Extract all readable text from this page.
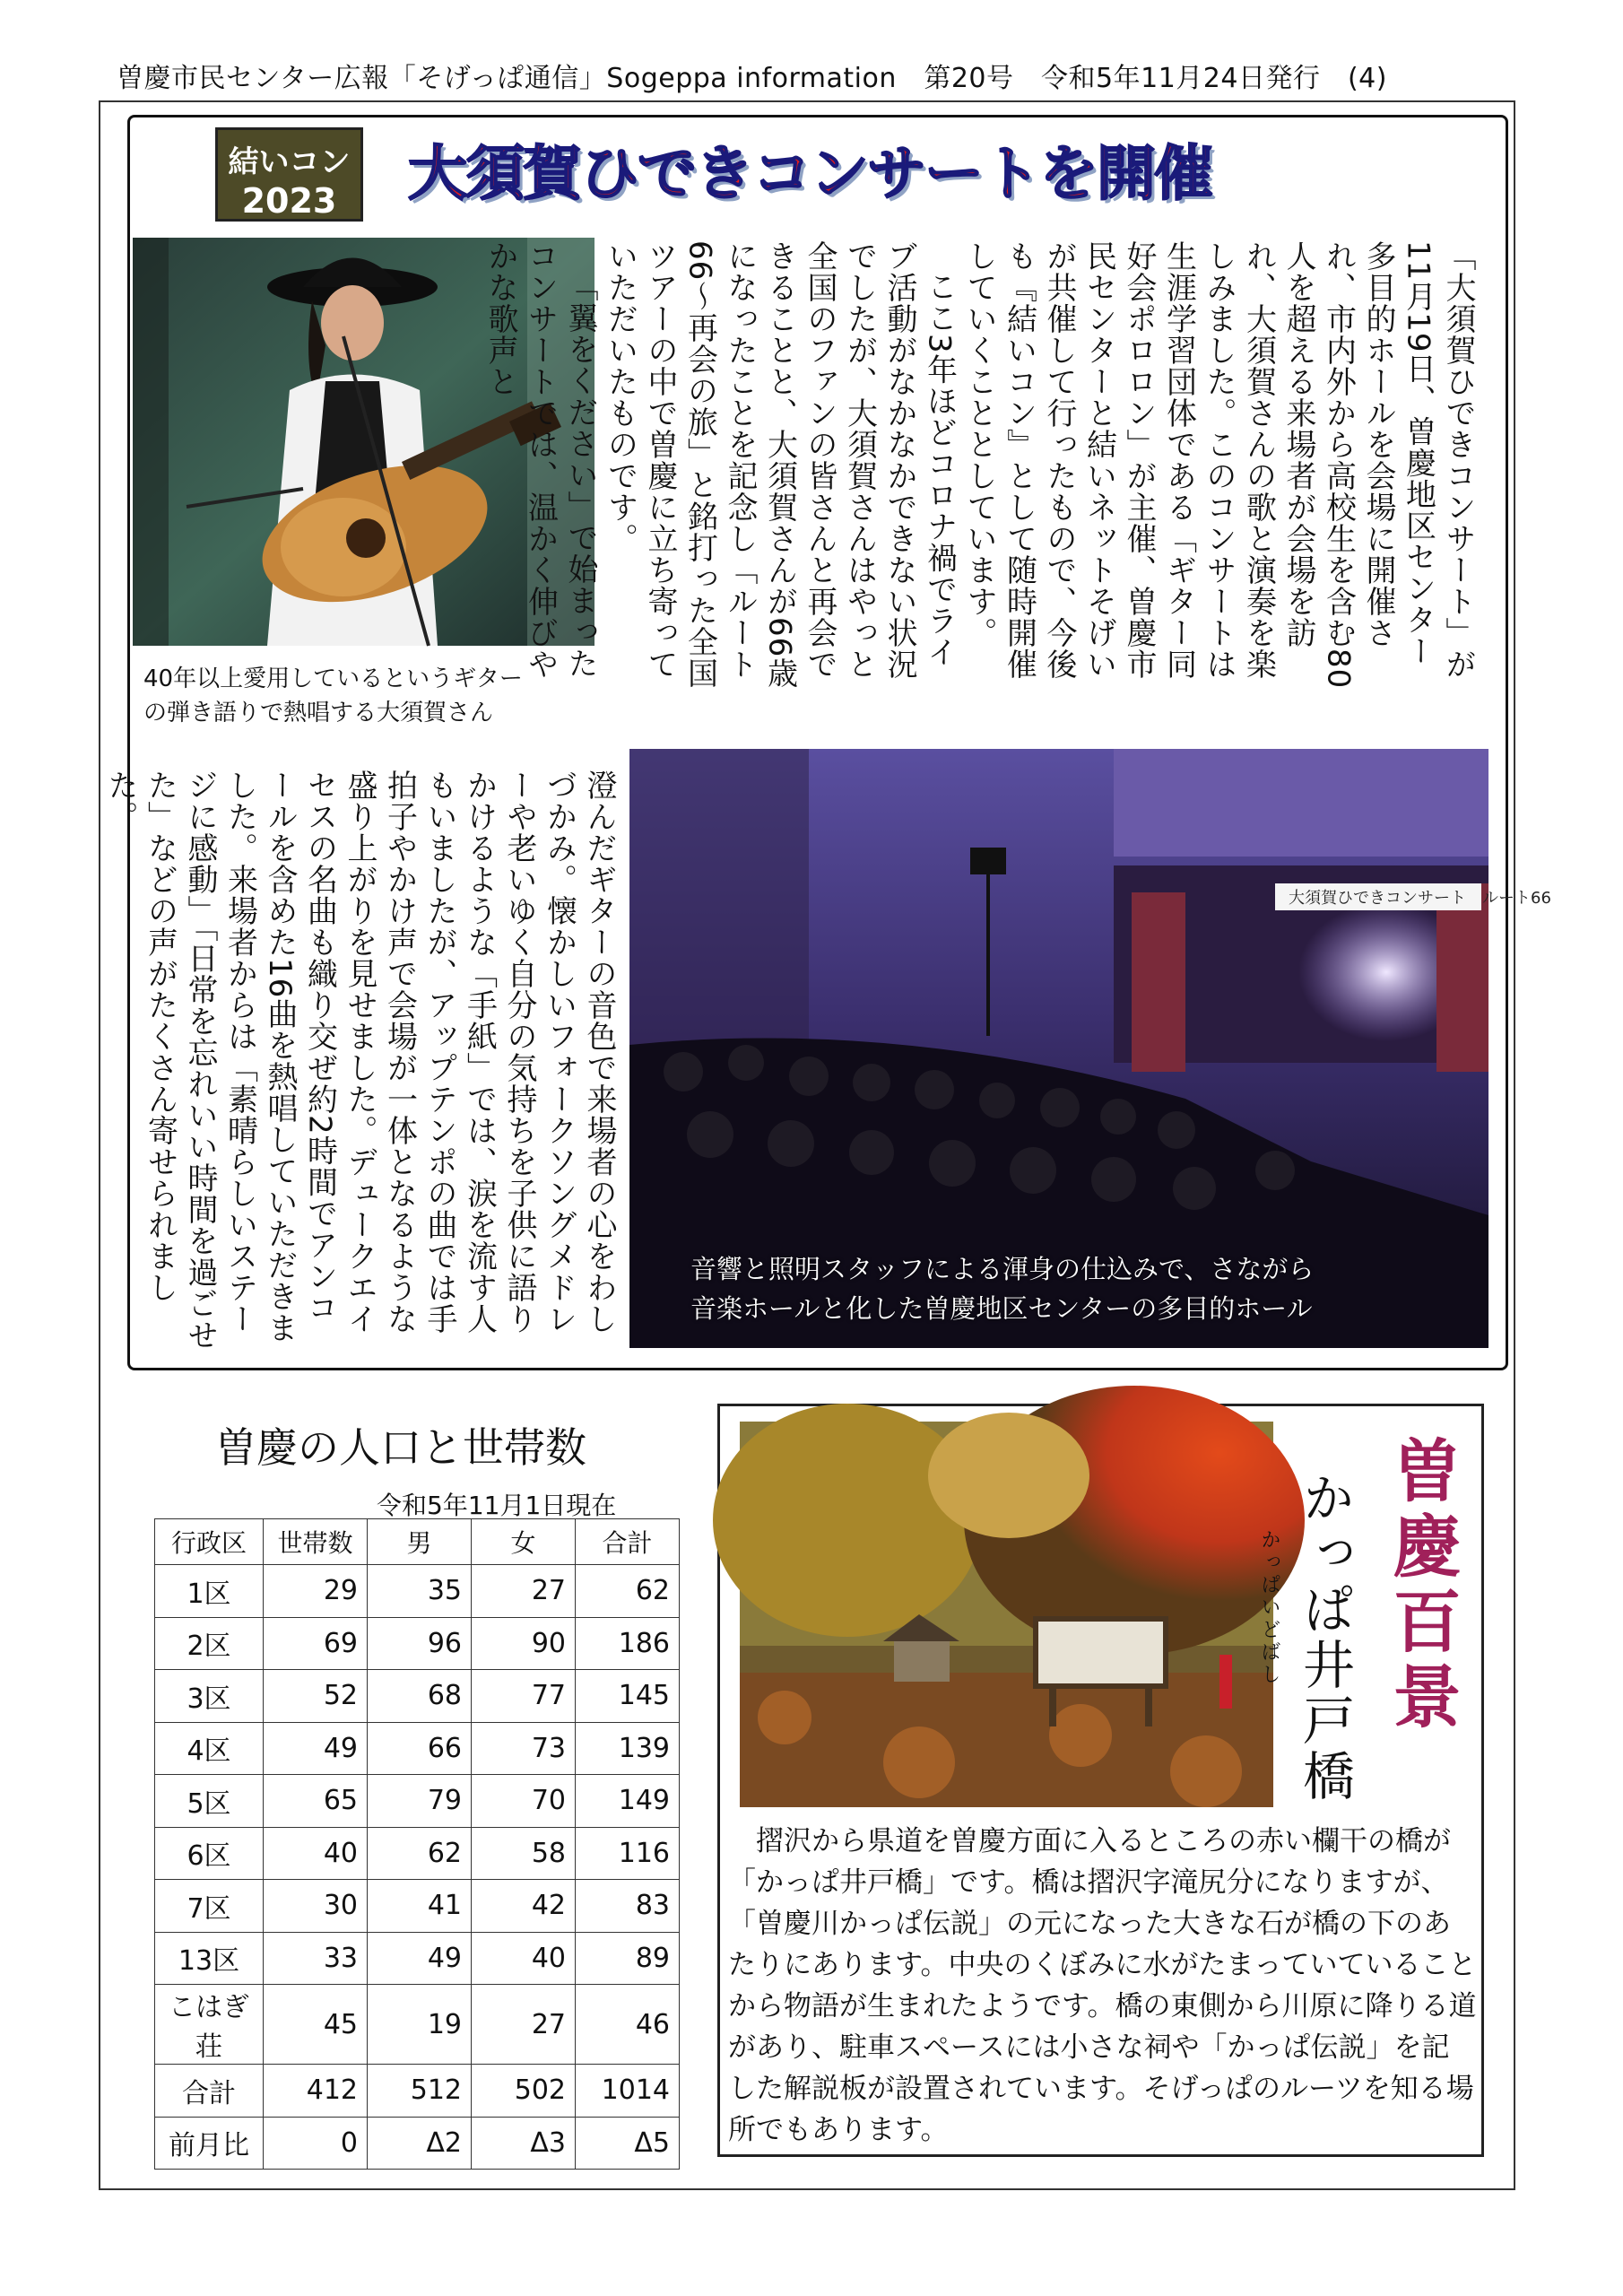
曽慶市民センター広報「そげっぱ通信」Sogeppa information　第20号　令和5年11月24日発行　(4)
結いコン
2023	大須賀ひできコンサートを開催
40年以上愛用しているというギター
の弾き語りで熱唱する大須賀さん

「大須賀ひできコンサート」が11月19日、曽慶地区センター多目的ホールを会場に開催され、市内外から高校生を含む80人を超える来場者が会場を訪れ、大須賀さんの歌と演奏を楽しみました。このコンサートは生涯学習団体である「ギター同好会ポロロン」が主催、曽慶市民センターと結いネットそげいが共催して行ったもので、今後も『結いコン』として随時開催していくこととしています。

ここ3年ほどコロナ禍でライブ活動がなかなかできない状況でしたが、大須賀さんはやっと全国のファンの皆さんと再会できることと、大須賀さんが66歳になったことを記念し「ルート66～再会の旅」と銘打った全国ツアーの中で曽慶に立ち寄っていただいたものです。

「翼をください」で始まったコンサートでは、温かく伸びやかな歌声と

澄んだギターの音色で来場者の心をわしづかみ。懐かしいフォークソングメドレーや老いゆく自分の気持ちを子供に語りかけるような「手紙」では、涙を流す人もいましたが、アップテンポの曲では手拍子やかけ声で会場が一体となるような盛り上がりを見せました。デュークエイセスの名曲も織り交ぜ約2時間でアンコールを含めた16曲を熱唱していただきました。来場者からは「素晴らしいステージに感動」「日常を忘れいい時間を過ごせた」などの声がたくさん寄せられました。

大須賀ひできコンサート　ルート66
音響と照明スタッフによる渾身の仕込みで、さながら
音楽ホールと化した曽慶地区センターの多目的ホール
曽慶の人口と世帯数
令和5年11月1日現在
行政区	世帯数	男	女	合計
1区	29	35	27	62
2区	69	96	90	186
3区	52	68	77	145
4区	49	66	73	139
5区	65	79	70	149
6区	40	62	58	116
7区	30	41	42	83
13区	33	49	40	89
こはぎ荘	45	19	27	46
合計	412	512	502	1014
前月比	0	Δ2	Δ3	Δ5
曽慶百景
かっぱいどばし かっぱ井戸橋
摺沢から県道を曽慶方面に入るところの赤い欄干の橋が「かっぱ井戸橋」です。橋は摺沢字滝尻分になりますが、「曽慶川かっぱ伝説」の元になった大きな石が橋の下のあたりにあります。中央のくぼみに水がたまっていていることから物語が生まれたようです。橋の東側から川原に降りる道があり、駐車スペースには小さな祠や「かっぱ伝説」を記した解説板が設置されています。そげっぱのルーツを知る場所でもあります。
